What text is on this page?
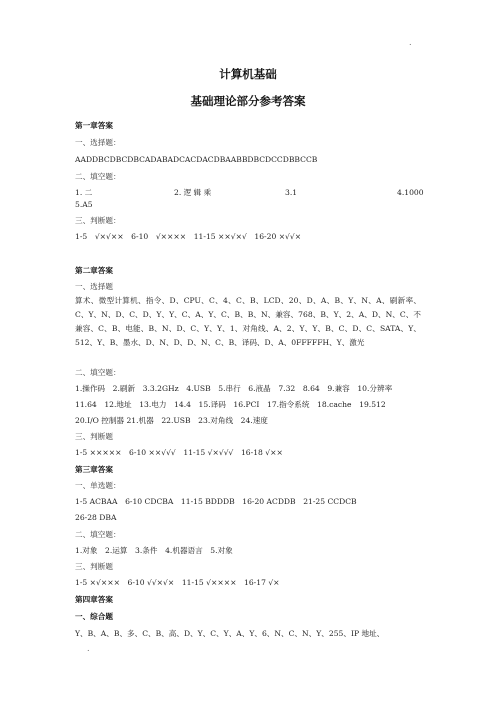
.
计算机基础
基础理论部分参考答案
第一章答案
一、选择题：
AADDBCDBCDBCADABADCACDACDBAABBDBCDCCDBBCCB
二、填空题：
1. 二	2. 逻 辑 乘	3.1	4.1000
5.A5
三、判断题：
1-5　√×√××　6-10　√××××　11-15 ××√×√　16-20 ×√√×
第二章答案
一、选择题
算术、微型计算机、指令、D、CPU、C、4、C、B、LCD、20、D、A、B、Y、N、A、刷新率、C、Y、N、D、C、D、Y、Y、C、A、Y、C、B、B、N、兼容、768、B、Y、2、A、D、N、C、不兼容、C、B、电能、B、N、D、C、Y、Y、1、对角线、A、2、Y、Y、B、C、D、C、SATA、Y、512、Y、B、墨水、D、N、D、D、N、C、B、译码、D、A、0FFFFFH、Y、激光
二、填空题：
1.操作码　2.刷新　3.3.2GHz　4.USB　5.串行　6.液晶　7.32　8.64　9.兼容　10.分辨率
11.64　12.地址　13.电力　14.4　15.译码　16.PCI　17.指令系统　18.cache　19.512
20.I/O 控制器 21.机器　22.USB　23.对角线　24.速度
三、判断题
1-5 ×××××　6-10 ××√√√　11-15 √×√√√　16-18 √××
第三章答案
一、单选题：
1-5 ACBAA　6-10 CDCBA　11-15 BDDDB　16-20 ACDDB　21-25 CCDCB
26-28 DBA
二、填空题：
1.对象　2.运算　3.条件　4.机器语言　5.对象
三、判断题
1-5 ×√×××　6-10 √√×√×　11-15 √××××　16-17 √×
第四章答案
一、综合题
Y、B、A、B、多、C、B、高、D、Y、C、Y、A、Y、6、N、C、N、Y、255、IP 地址、
.
